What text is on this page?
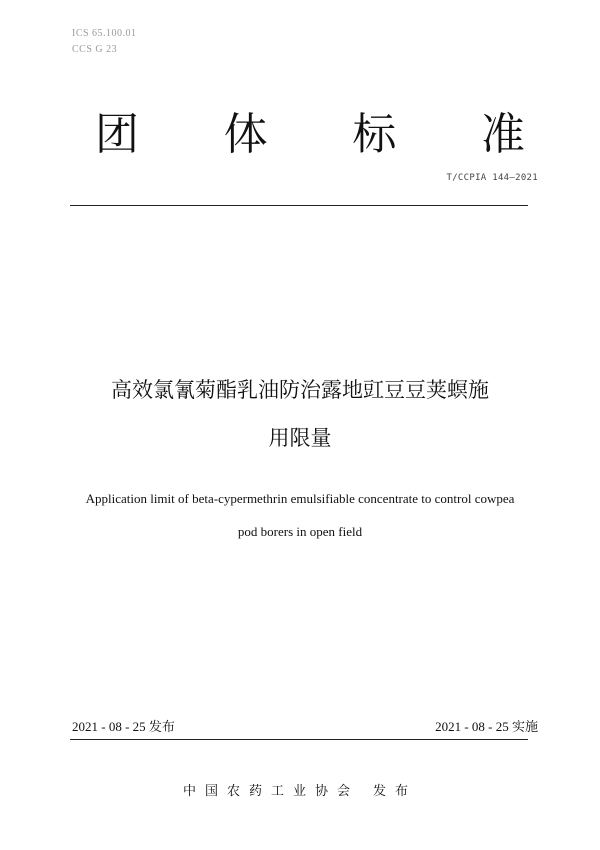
ICS 65.100.01
CCS G 23
团 体 标 准
T/CCPIA 144—2021
高效氯氰菊酯乳油防治露地豇豆豆荚螟施
用限量
Application limit of beta-cypermethrin emulsifiable concentrate to control cowpea
pod borers in open field
2021 - 08 - 25 发布	2021 - 08 - 25 实施
中国农药工业协会 发布
